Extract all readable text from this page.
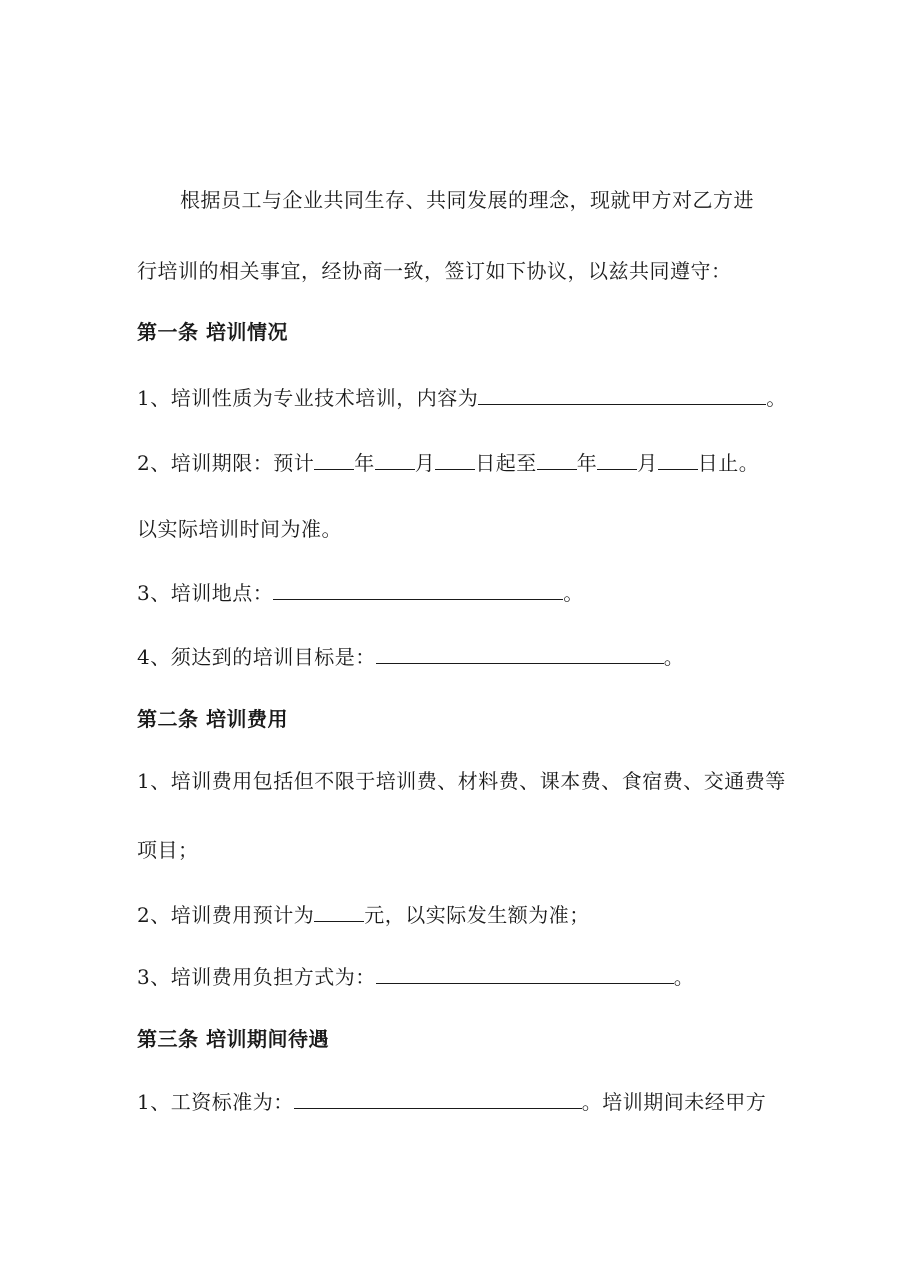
根据员工与企业共同生存、共同发展的理念，现就甲方对乙方进
行培训的相关事宜，经协商一致，签订如下协议，以兹共同遵守：
第一条 培训情况
1、培训性质为专业技术培训，内容为	。
2、培训期限：预计 年 月 日起至 年 月 日止。
以实际培训时间为准。
3、培训地点：	。
4、须达到的培训目标是：	。
第二条 培训费用
1、培训费用包括但不限于培训费、材料费、课本费、食宿费、交通费等
项目；
2、培训费用预计为	元，以实际发生额为准；
3、培训费用负担方式为：	。
第三条 培训期间待遇
1、工资标准为：	。培训期间未经甲方
